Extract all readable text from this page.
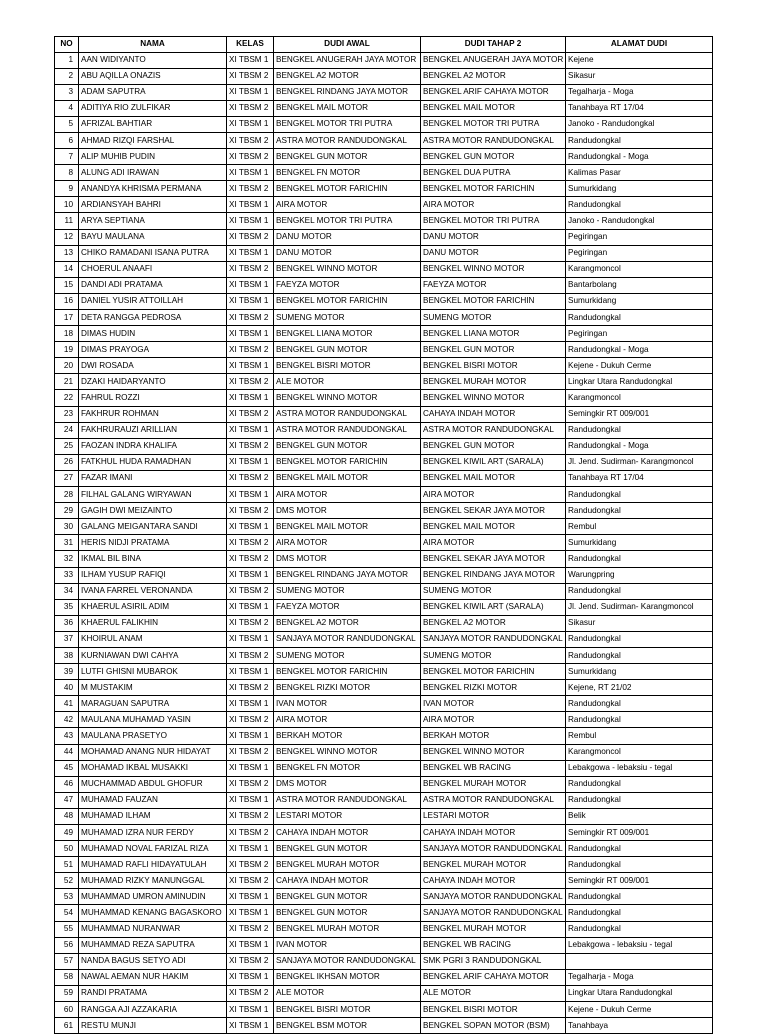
NO	NAMA	KELAS	DUDI AWAL	DUDI TAHAP 2	ALAMAT DUDI
1	AAN WIDIYANTO	XI TBSM 1	BENGKEL ANUGERAH JAYA MOTOR	BENGKEL ANUGERAH JAYA MOTOR	Kejene
2	ABU AQILLA ONAZIS	XI TBSM 2	BENGKEL A2 MOTOR	BENGKEL A2 MOTOR	Sikasur
3	ADAM SAPUTRA	XI TBSM 1	BENGKEL RINDANG JAYA MOTOR	BENGKEL ARIF CAHAYA MOTOR	Tegalharja - Moga
4	ADITIYA RIO ZULFIKAR	XI TBSM 2	BENGKEL MAIL MOTOR	BENGKEL MAIL MOTOR	Tanahbaya RT 17/04
5	AFRIZAL BAHTIAR	XI TBSM 1	BENGKEL MOTOR TRI PUTRA	BENGKEL MOTOR TRI PUTRA	Janoko - Randudongkal
6	AHMAD RIZQI FARSHAL	XI TBSM 2	ASTRA MOTOR RANDUDONGKAL	ASTRA MOTOR RANDUDONGKAL	Randudongkal
7	ALIP MUHIB PUDIN	XI TBSM 2	BENGKEL GUN MOTOR	BENGKEL GUN MOTOR	Randudongkal - Moga
8	ALUNG ADI IRAWAN	XI TBSM 1	BENGKEL FN MOTOR	BENGKEL DUA PUTRA	Kalimas Pasar
9	ANANDYA KHRISMA PERMANA	XI TBSM 2	BENGKEL MOTOR FARICHIN	BENGKEL MOTOR FARICHIN	Sumurkidang
10	ARDIANSYAH BAHRI	XI TBSM 1	AIRA MOTOR	AIRA MOTOR	Randudongkal
11	ARYA SEPTIANA	XI TBSM 1	BENGKEL MOTOR TRI PUTRA	BENGKEL MOTOR TRI PUTRA	Janoko - Randudongkal
12	BAYU MAULANA	XI TBSM 2	DANU MOTOR	DANU MOTOR	Pegiringan
13	CHIKO RAMADANI ISANA PUTRA	XI TBSM 1	DANU MOTOR	DANU MOTOR	Pegiringan
14	CHOERUL ANAAFI	XI TBSM 2	BENGKEL WINNO MOTOR	BENGKEL WINNO MOTOR	Karangmoncol
15	DANDI ADI PRATAMA	XI TBSM 1	FAEYZA MOTOR	FAEYZA MOTOR	Bantarbolang
16	DANIEL YUSIR ATTOILLAH	XI TBSM 1	BENGKEL MOTOR FARICHIN	BENGKEL MOTOR FARICHIN	Sumurkidang
17	DETA RANGGA PEDROSA	XI TBSM 2	SUMENG MOTOR	SUMENG MOTOR	Randudongkal
18	DIMAS HUDIN	XI TBSM 1	BENGKEL LIANA MOTOR	BENGKEL LIANA MOTOR	Pegiringan
19	DIMAS PRAYOGA	XI TBSM 2	BENGKEL GUN MOTOR	BENGKEL GUN MOTOR	Randudongkal - Moga
20	DWI ROSADA	XI TBSM 1	BENGKEL BISRI MOTOR	BENGKEL BISRI MOTOR	Kejene - Dukuh Cerme
21	DZAKI HAIDARYANTO	XI TBSM 2	ALE MOTOR	BENGKEL MURAH MOTOR	Lingkar Utara Randudongkal
22	FAHRUL ROZZI	XI TBSM 1	BENGKEL WINNO MOTOR	BENGKEL WINNO MOTOR	Karangmoncol
23	FAKHRUR ROHMAN	XI TBSM 2	ASTRA MOTOR RANDUDONGKAL	CAHAYA INDAH MOTOR	Semingkir RT 009/001
24	FAKHRURAUZI ARILLIAN	XI TBSM 1	ASTRA MOTOR RANDUDONGKAL	ASTRA MOTOR RANDUDONGKAL	Randudongkal
25	FAOZAN INDRA KHALIFA	XI TBSM 2	BENGKEL GUN MOTOR	BENGKEL GUN MOTOR	Randudongkal - Moga
26	FATKHUL HUDA RAMADHAN	XI TBSM 1	BENGKEL MOTOR FARICHIN	BENGKEL KIWIL ART (SARALA)	Jl. Jend. Sudirman- Karangmoncol
27	FAZAR IMANI	XI TBSM 2	BENGKEL MAIL MOTOR	BENGKEL MAIL MOTOR	Tanahbaya RT 17/04
28	FILHAL GALANG WIRYAWAN	XI TBSM 1	AIRA MOTOR	AIRA MOTOR	Randudongkal
29	GAGIH DWI MEIZAINTO	XI TBSM 2	DMS MOTOR	BENGKEL SEKAR JAYA MOTOR	Randudongkal
30	GALANG MEIGANTARA SANDI	XI TBSM 1	BENGKEL MAIL MOTOR	BENGKEL MAIL MOTOR	Rembul
31	HERIS NIDJI PRATAMA	XI TBSM 2	AIRA MOTOR	AIRA MOTOR	Sumurkidang
32	IKMAL BIL BINA	XI TBSM 2	DMS MOTOR	BENGKEL SEKAR JAYA MOTOR	Randudongkal
33	ILHAM YUSUP RAFIQI	XI TBSM 1	BENGKEL RINDANG JAYA MOTOR	BENGKEL RINDANG JAYA MOTOR	Warungpring
34	IVANA FARREL VERONANDA	XI TBSM 2	SUMENG MOTOR	SUMENG MOTOR	Randudongkal
35	KHAERUL ASIRIL ADIM	XI TBSM 1	FAEYZA MOTOR	BENGKEL KIWIL ART (SARALA)	Jl. Jend. Sudirman- Karangmoncol
36	KHAERUL FALIKHIN	XI TBSM 2	BENGKEL A2 MOTOR	BENGKEL A2 MOTOR	Sikasur
37	KHOIRUL ANAM	XI TBSM 1	SANJAYA MOTOR RANDUDONGKAL	SANJAYA MOTOR RANDUDONGKAL	Randudongkal
38	KURNIAWAN DWI CAHYA	XI TBSM 2	SUMENG MOTOR	SUMENG MOTOR	Randudongkal
39	LUTFI GHISNI MUBAROK	XI TBSM 1	BENGKEL MOTOR FARICHIN	BENGKEL MOTOR FARICHIN	Sumurkidang
40	M MUSTAKIM	XI TBSM 2	BENGKEL RIZKI MOTOR	BENGKEL RIZKI MOTOR	Kejene, RT 21/02
41	MARAGUAN SAPUTRA	XI TBSM 1	IVAN MOTOR	IVAN MOTOR	Randudongkal
42	MAULANA MUHAMAD YASIN	XI TBSM 2	AIRA MOTOR	AIRA MOTOR	Randudongkal
43	MAULANA PRASETYO	XI TBSM 1	BERKAH MOTOR	BERKAH MOTOR	Rembul
44	MOHAMAD ANANG NUR HIDAYAT	XI TBSM 2	BENGKEL WINNO MOTOR	BENGKEL WINNO MOTOR	Karangmoncol
45	MOHAMAD IKBAL MUSAKKI	XI TBSM 1	BENGKEL FN MOTOR	BENGKEL WB RACING	Lebakgowa - lebaksiu - tegal
46	MUCHAMMAD ABDUL GHOFUR	XI TBSM 2	DMS MOTOR	BENGKEL MURAH MOTOR	Randudongkal
47	MUHAMAD FAUZAN	XI TBSM 1	ASTRA MOTOR RANDUDONGKAL	ASTRA MOTOR RANDUDONGKAL	Randudongkal
48	MUHAMAD ILHAM	XI TBSM 2	LESTARI MOTOR	LESTARI MOTOR	Belik
49	MUHAMAD IZRA NUR FERDY	XI TBSM 2	CAHAYA INDAH MOTOR	CAHAYA INDAH MOTOR	Semingkir RT 009/001
50	MUHAMAD NOVAL FARIZAL RIZA	XI TBSM 1	BENGKEL GUN MOTOR	SANJAYA MOTOR RANDUDONGKAL	Randudongkal
51	MUHAMAD RAFLI HIDAYATULAH	XI TBSM 2	BENGKEL MURAH MOTOR	BENGKEL MURAH MOTOR	Randudongkal
52	MUHAMAD RIZKY MANUNGGAL	XI TBSM 2	CAHAYA INDAH MOTOR	CAHAYA INDAH MOTOR	Semingkir RT 009/001
53	MUHAMMAD UMRON AMINUDIN	XI TBSM 1	BENGKEL GUN MOTOR	SANJAYA MOTOR RANDUDONGKAL	Randudongkal
54	MUHAMMAD KENANG BAGASKORO	XI TBSM 1	BENGKEL GUN MOTOR	SANJAYA MOTOR RANDUDONGKAL	Randudongkal
55	MUHAMMAD NURANWAR	XI TBSM 2	BENGKEL MURAH MOTOR	BENGKEL MURAH MOTOR	Randudongkal
56	MUHAMMAD REZA SAPUTRA	XI TBSM 1	IVAN MOTOR	BENGKEL WB RACING	Lebakgowa - lebaksiu - tegal
57	NANDA BAGUS SETYO ADI	XI TBSM 2	SANJAYA MOTOR RANDUDONGKAL	SMK PGRI 3 RANDUDONGKAL	
58	NAWAL AEMAN NUR HAKIM	XI TBSM 1	BENGKEL IKHSAN MOTOR	BENGKEL ARIF CAHAYA MOTOR	Tegalharja - Moga
59	RANDI PRATAMA	XI TBSM 2	ALE MOTOR	ALE MOTOR	Lingkar Utara Randudongkal
60	RANGGA AJI AZZAKARIA	XI TBSM 1	BENGKEL BISRI MOTOR	BENGKEL BISRI MOTOR	Kejene - Dukuh Cerme
61	RESTU MUNJI	XI TBSM 1	BENGKEL BSM MOTOR	BENGKEL SOPAN MOTOR (BSM)	Tanahbaya
